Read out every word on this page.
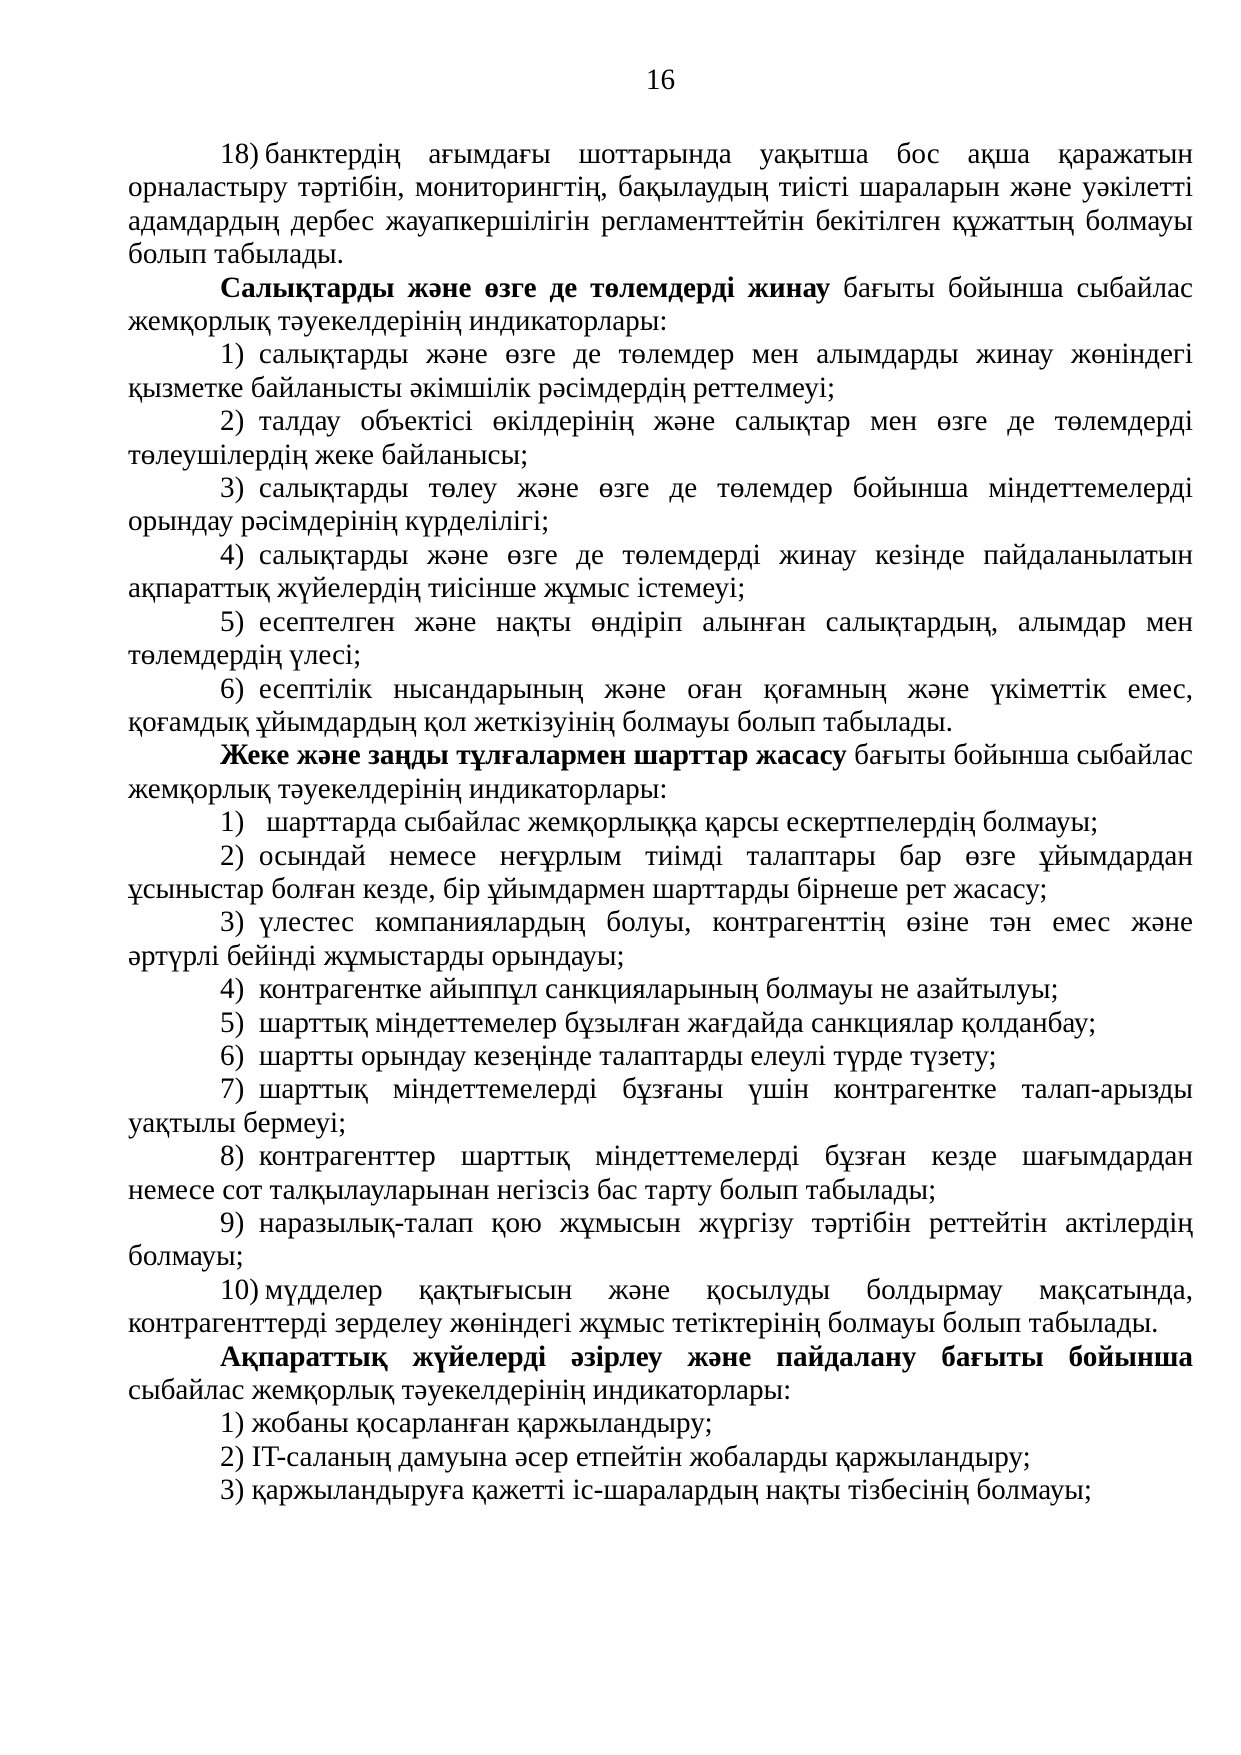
16

18) банктердің ағымдағы шоттарында уақытша бос ақша қаражатын орналастыру тәртібін, мониторингтің, бақылаудың тиісті шараларын және уәкілетті адамдардың дербес жауапкершілігін регламенттейтін бекітілген құжаттың болмауы болып табылады.

Салықтарды және өзге де төлемдерді жинау бағыты бойынша сыбайлас жемқорлық тәуекелдерінің индикаторлары:

1) салықтарды және өзге де төлемдер мен алымдарды жинау жөніндегі қызметке байланысты әкімшілік рәсімдердің реттелмеуі;

2) талдау объектісі өкілдерінің және салықтар мен өзге де төлемдерді төлеушілердің жеке байланысы;

3) салықтарды төлеу және өзге де төлемдер бойынша міндеттемелерді орындау рәсімдерінің күрделілігі;

4) салықтарды және өзге де төлемдерді жинау кезінде пайдаланылатын ақпараттық жүйелердің тиісінше жұмыс істемеуі;

5) есептелген және нақты өндіріп алынған салықтардың, алымдар мен төлемдердің үлесі;

6) есептілік нысандарының және оған қоғамның және үкіметтік емес, қоғамдық ұйымдардың қол жеткізуінің болмауы болып табылады.

Жеке және заңды тұлғалармен шарттар жасасу бағыты бойынша сыбайлас жемқорлық тәуекелдерінің индикаторлары:

1)  шарттарда сыбайлас жемқорлыққа қарсы ескертпелердің болмауы;

2) осындай немесе неғұрлым тиімді талаптары бар өзге ұйымдардан ұсыныстар болған кезде, бір ұйымдармен шарттарды бірнеше рет жасасу;

3) үлестес компаниялардың болуы, контрагенттің өзіне тән емес және әртүрлі бейінді жұмыстарды орындауы;

4) контрагентке айыппұл санкцияларының болмауы не азайтылуы;

5) шарттық міндеттемелер бұзылған жағдайда санкциялар қолданбау;

6) шартты орындау кезеңінде талаптарды елеулі түрде түзету;

7) шарттық міндеттемелерді бұзғаны үшін контрагентке талап-арызды уақтылы бермеуі;

8) контрагенттер шарттық міндеттемелерді бұзған кезде шағымдардан немесе сот талқылауларынан негізсіз бас тарту болып табылады;

9) наразылық-талап қою жұмысын жүргізу тәртібін реттейтін актілердің болмауы;

10) мүдделер қақтығысын және қосылуды болдырмау мақсатында, контрагенттерді зерделеу жөніндегі жұмыс тетіктерінің болмауы болып табылады.

Ақпараттық жүйелерді әзірлеу және пайдалану бағыты бойынша сыбайлас жемқорлық тәуекелдерінің индикаторлары:

1) жобаны қосарланған қаржыландыру;

2) IT-саланың дамуына әсер етпейтін жобаларды қаржыландыру;

3) қаржыландыруға қажетті іс-шаралардың нақты тізбесінің болмауы;
